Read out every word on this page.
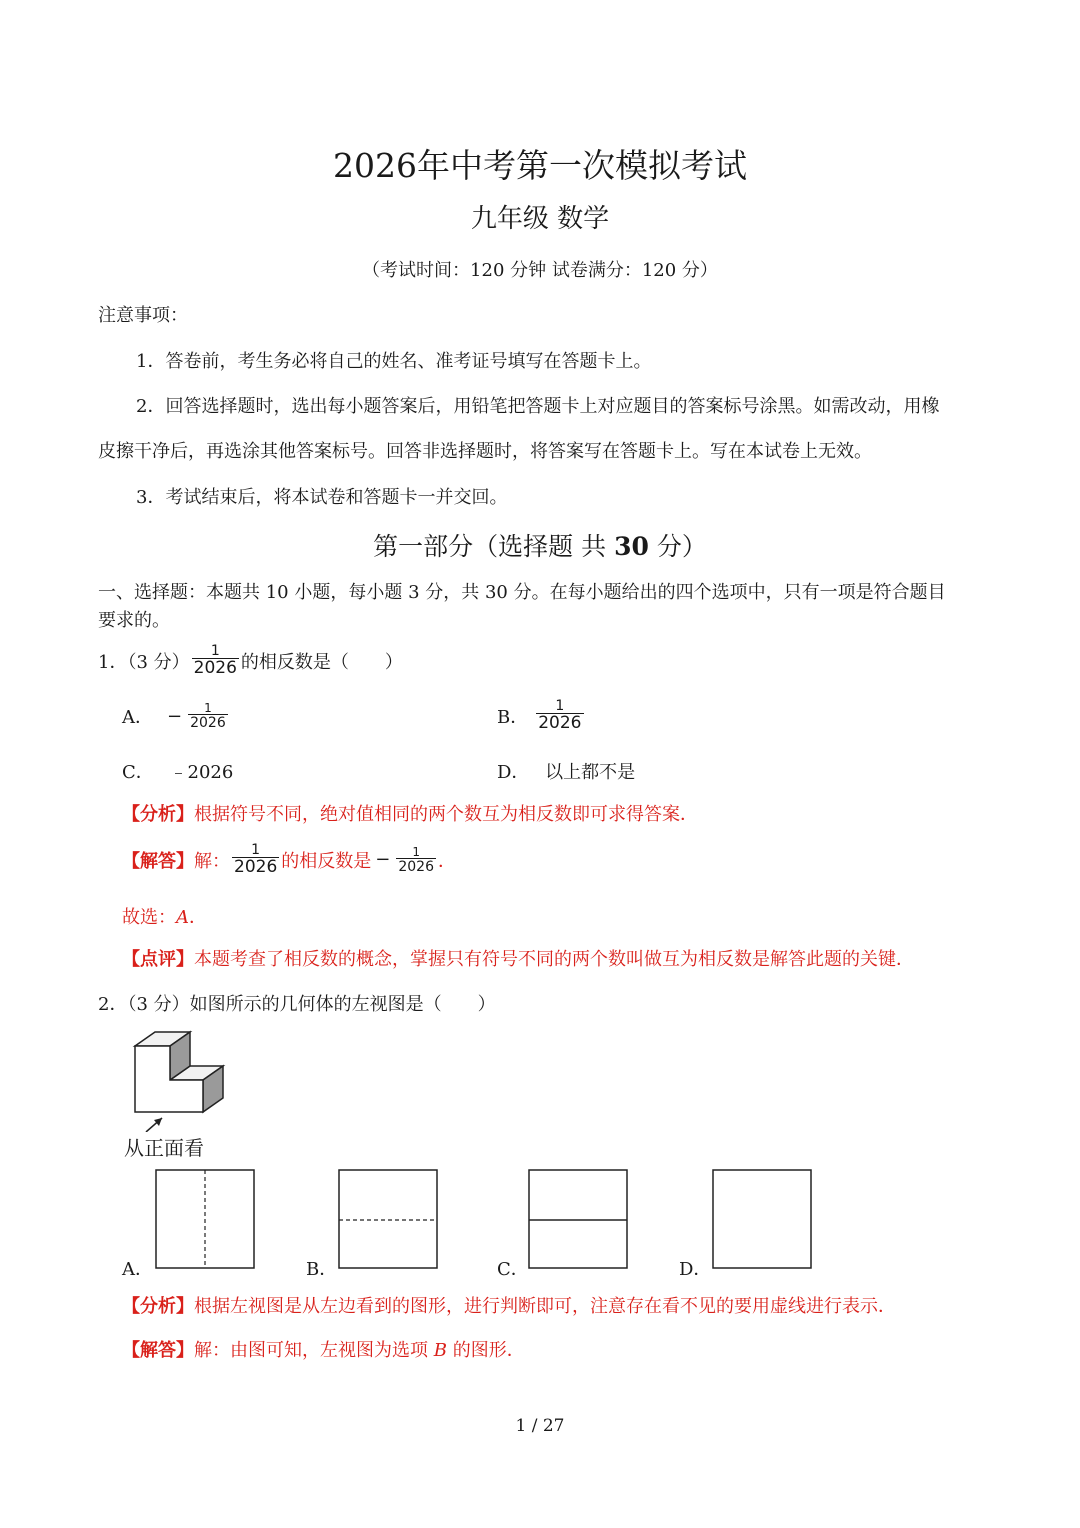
2026年中考第一次模拟考试
九年级 数学
（考试时间：120 分钟 试卷满分：120 分）
注意事项：
1．答卷前，考生务必将自己的姓名、准考证号填写在答题卡上。
2．回答选择题时，选出每小题答案后，用铅笔把答题卡上对应题目的答案标号涂黑。如需改动，用橡
皮擦干净后，再选涂其他答案标号。回答非选择题时，将答案写在答题卡上。写在本试卷上无效。
3．考试结束后，将本试卷和答题卡一并交回。
第一部分（选择题 共 30 分）
一、选择题：本题共 10 小题，每小题 3 分，共 30 分。在每小题给出的四个选项中，只有一项是符合题目
要求的。
1．（3 分） $\frac{1}{2026}$ 的相反数是（　　）
A． − $\frac{1}{2026}$	B． $\frac{1}{2026}$
C． ﹣2026	D． 以上都不是
【分析】根据符号不同，绝对值相同的两个数互为相反数即可求得答案．
【解答】 解： $\frac{1}{2026}$ 的相反数是 − $\frac{1}{2026}$ ．
故选：A．
【点评】本题考查了相反数的概念，掌握只有符号不同的两个数叫做互为相反数是解答此题的关键．
2．（3 分）如图所示的几何体的左视图是（　　）
从正面看
A．	B．	C．	D．
【分析】根据左视图是从左边看到的图形，进行判断即可，注意存在看不见的要用虚线进行表示．
【解答】解：由图可知，左视图为选项 B 的图形．
1 / 27
